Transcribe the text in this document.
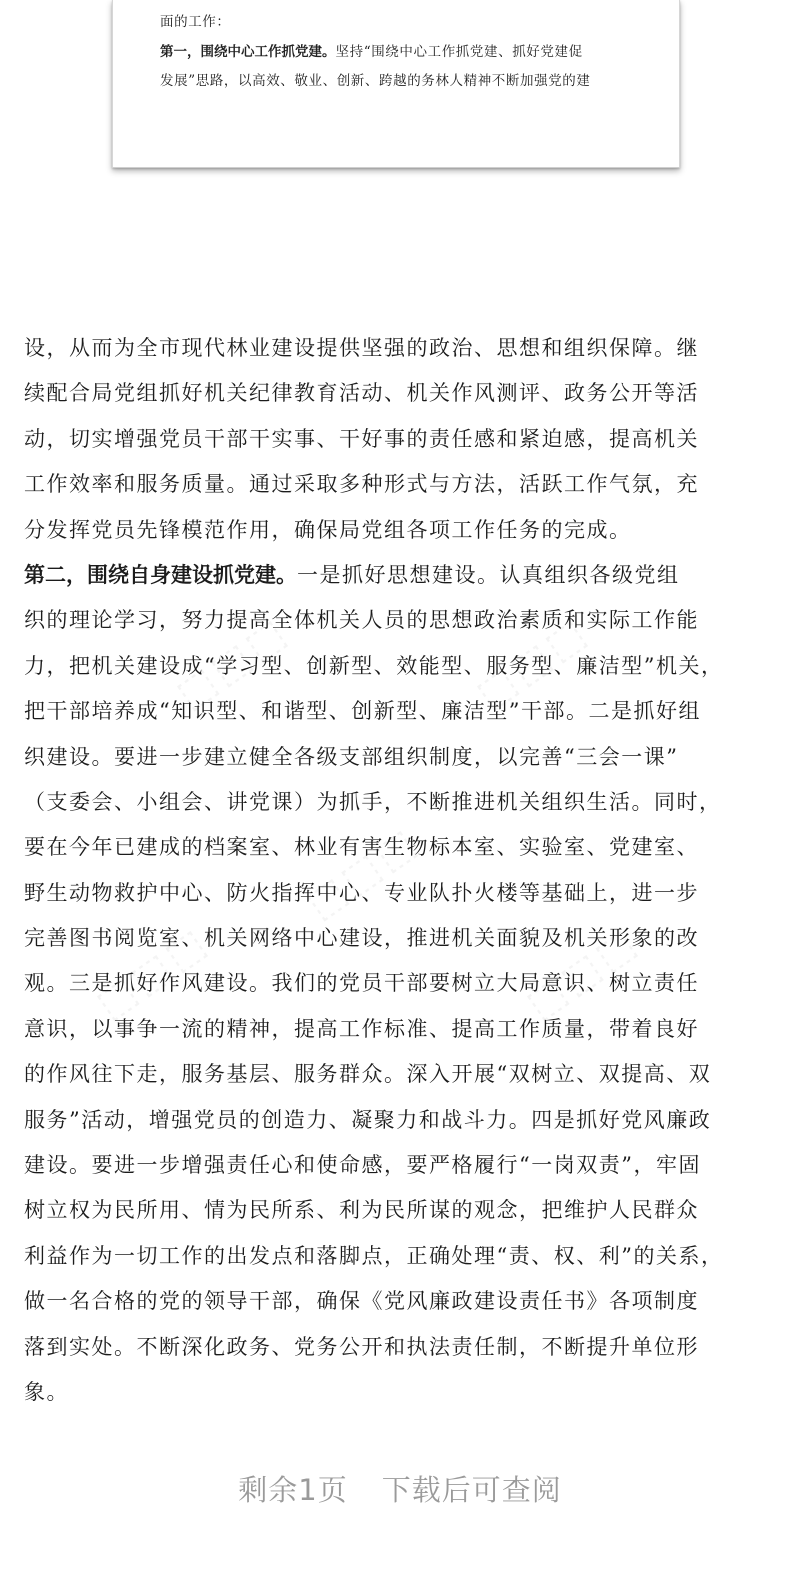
面的工作：
第一，围绕中心工作抓党建。坚持“围绕中心工作抓党建、抓好党建促
发展”思路，以高效、敬业、创新、跨越的务林人精神不断加强党的建
⬚⬚⬚	⬚⬚⬚
⬚⬚⬚
⬚⬚⬚	⬚⬚⬚
设，从而为全市现代林业建设提供坚强的政治、思想和组织保障。继
续配合局党组抓好机关纪律教育活动、机关作风测评、政务公开等活
动，切实增强党员干部干实事、干好事的责任感和紧迫感，提高机关
工作效率和服务质量。通过采取多种形式与方法，活跃工作气氛，充
分发挥党员先锋模范作用，确保局党组各项工作任务的完成。
第二，围绕自身建设抓党建。一是抓好思想建设。认真组织各级党组
织的理论学习，努力提高全体机关人员的思想政治素质和实际工作能
力，把机关建设成“学习型、创新型、效能型、服务型、廉洁型”机关，
把干部培养成“知识型、和谐型、创新型、廉洁型”干部。二是抓好组
织建设。要进一步建立健全各级支部组织制度，以完善“三会一课”
（支委会、小组会、讲党课）为抓手，不断推进机关组织生活。同时，
要在今年已建成的档案室、林业有害生物标本室、实验室、党建室、
野生动物救护中心、防火指挥中心、专业队扑火楼等基础上，进一步
完善图书阅览室、机关网络中心建设，推进机关面貌及机关形象的改
观。三是抓好作风建设。我们的党员干部要树立大局意识、树立责任
意识，以事争一流的精神，提高工作标准、提高工作质量，带着良好
的作风往下走，服务基层、服务群众。深入开展“双树立、双提高、双
服务”活动，增强党员的创造力、凝聚力和战斗力。四是抓好党风廉政
建设。要进一步增强责任心和使命感，要严格履行“一岗双责”，牢固
树立权为民所用、情为民所系、利为民所谋的观念，把维护人民群众
利益作为一切工作的出发点和落脚点，正确处理“责、权、利”的关系，
做一名合格的党的领导干部，确保《党风廉政建设责任书》各项制度
落到实处。不断深化政务、党务公开和执法责任制，不断提升单位形
象。
剩余1页 下载后可查阅
